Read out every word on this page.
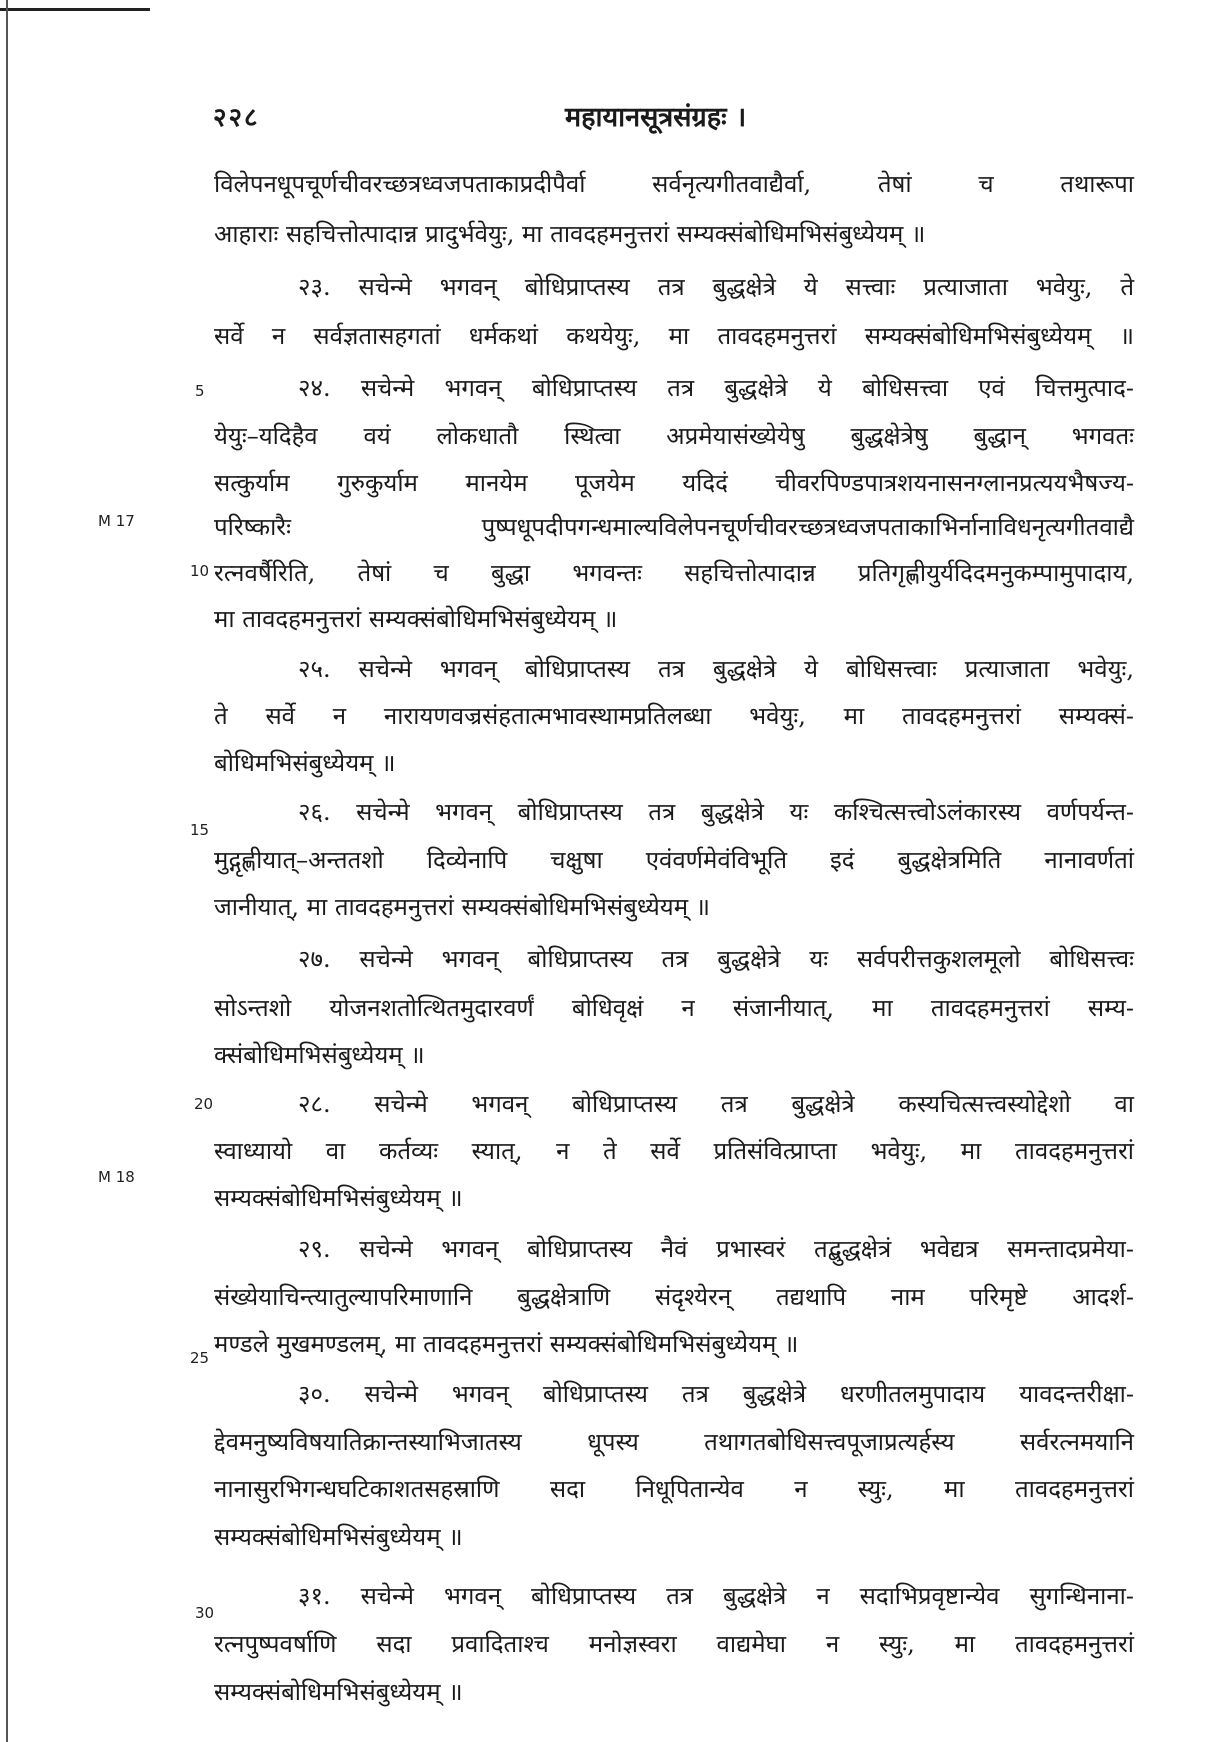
२२८	महायानसूत्रसंग्रहः ।
M 17
M 18
5
10
15
20
25
30
विलेपनधूपचूर्णचीवरच्छत्रध्वजपताकाप्रदीपैर्वा सर्वनृत्यगीतवाद्यैर्वा, तेषां च तथारूपा
आहाराः सहचित्तोत्पादान्न प्रादुर्भवेयुः, मा तावदहमनुत्तरां सम्यक्संबोधिमभिसंबुध्येयम् ॥
२३. सचेन्मे भगवन् बोधिप्राप्तस्य तत्र बुद्धक्षेत्रे ये सत्त्वाः प्रत्याजाता भवेयुः, ते
सर्वे न सर्वज्ञतासहगतां धर्मकथां कथयेयुः, मा तावदहमनुत्तरां सम्यक्संबोधिमभिसंबुध्येयम् ॥
२४. सचेन्मे भगवन् बोधिप्राप्तस्य तत्र बुद्धक्षेत्रे ये बोधिसत्त्वा एवं चित्तमुत्पाद-
येयुः–यदिहैव वयं लोकधातौ स्थित्वा अप्रमेयासंख्येयेषु बुद्धक्षेत्रेषु बुद्धान् भगवतः
सत्कुर्याम गुरुकुर्याम मानयेम पूजयेम यदिदं चीवरपिण्डपात्रशयनासनग्लानप्रत्ययभैषज्य-
परिष्कारैः पुष्पधूपदीपगन्धमाल्यविलेपनचूर्णचीवरच्छत्रध्वजपताकाभिर्नानाविधनृत्यगीतवाद्यै
रत्नवर्षैरिति, तेषां च बुद्धा भगवन्तः सहचित्तोत्पादान्न प्रतिगृह्णीयुर्यदिदमनुकम्पामुपादाय,
मा तावदहमनुत्तरां सम्यक्संबोधिमभिसंबुध्येयम् ॥
२५. सचेन्मे भगवन् बोधिप्राप्तस्य तत्र बुद्धक्षेत्रे ये बोधिसत्त्वाः प्रत्याजाता भवेयुः,
ते सर्वे न नारायणवज्रसंहतात्मभावस्थामप्रतिलब्धा भवेयुः, मा तावदहमनुत्तरां सम्यक्सं-
बोधिमभिसंबुध्येयम् ॥
२६. सचेन्मे भगवन् बोधिप्राप्तस्य तत्र बुद्धक्षेत्रे यः कश्चित्सत्त्वोऽलंकारस्य वर्णपर्यन्त-
मुद्गृह्णीयात्–अन्ततशो दिव्येनापि चक्षुषा एवंवर्णमेवंविभूति इदं बुद्धक्षेत्रमिति नानावर्णतां
जानीयात्, मा तावदहमनुत्तरां सम्यक्संबोधिमभिसंबुध्येयम् ॥
२७. सचेन्मे भगवन् बोधिप्राप्तस्य तत्र बुद्धक्षेत्रे यः सर्वपरीत्तकुशलमूलो बोधिसत्त्वः
सोऽन्तशो योजनशतोत्थितमुदारवर्णं बोधिवृक्षं न संजानीयात्, मा तावदहमनुत्तरां सम्य-
क्संबोधिमभिसंबुध्येयम् ॥
२८. सचेन्मे भगवन् बोधिप्राप्तस्य तत्र बुद्धक्षेत्रे कस्यचित्सत्त्वस्योद्देशो वा
स्वाध्यायो वा कर्तव्यः स्यात्, न ते सर्वे प्रतिसंवित्प्राप्ता भवेयुः, मा तावदहमनुत्तरां
सम्यक्संबोधिमभिसंबुध्येयम् ॥
२९. सचेन्मे भगवन् बोधिप्राप्तस्य नैवं प्रभास्वरं तद्बुद्धक्षेत्रं भवेद्यत्र समन्तादप्रमेया-
संख्येयाचिन्त्यातुल्यापरिमाणानि बुद्धक्षेत्राणि संदृश्येरन् तद्यथापि नाम परिमृष्टे आदर्श-
मण्डले मुखमण्डलम्, मा तावदहमनुत्तरां सम्यक्संबोधिमभिसंबुध्येयम् ॥
३०. सचेन्मे भगवन् बोधिप्राप्तस्य तत्र बुद्धक्षेत्रे धरणीतलमुपादाय यावदन्तरीक्षा-
द्देवमनुष्यविषयातिक्रान्तस्याभिजातस्य धूपस्य तथागतबोधिसत्त्वपूजाप्रत्यर्हस्य सर्वरत्नमयानि
नानासुरभिगन्धघटिकाशतसहस्राणि सदा निधूपितान्येव न स्युः, मा तावदहमनुत्तरां
सम्यक्संबोधिमभिसंबुध्येयम् ॥
३१. सचेन्मे भगवन् बोधिप्राप्तस्य तत्र बुद्धक्षेत्रे न सदाभिप्रवृष्टान्येव सुगन्धिनाना-
रत्नपुष्पवर्षाणि सदा प्रवादिताश्च मनोज्ञस्वरा वाद्यमेघा न स्युः, मा तावदहमनुत्तरां
सम्यक्संबोधिमभिसंबुध्येयम् ॥
